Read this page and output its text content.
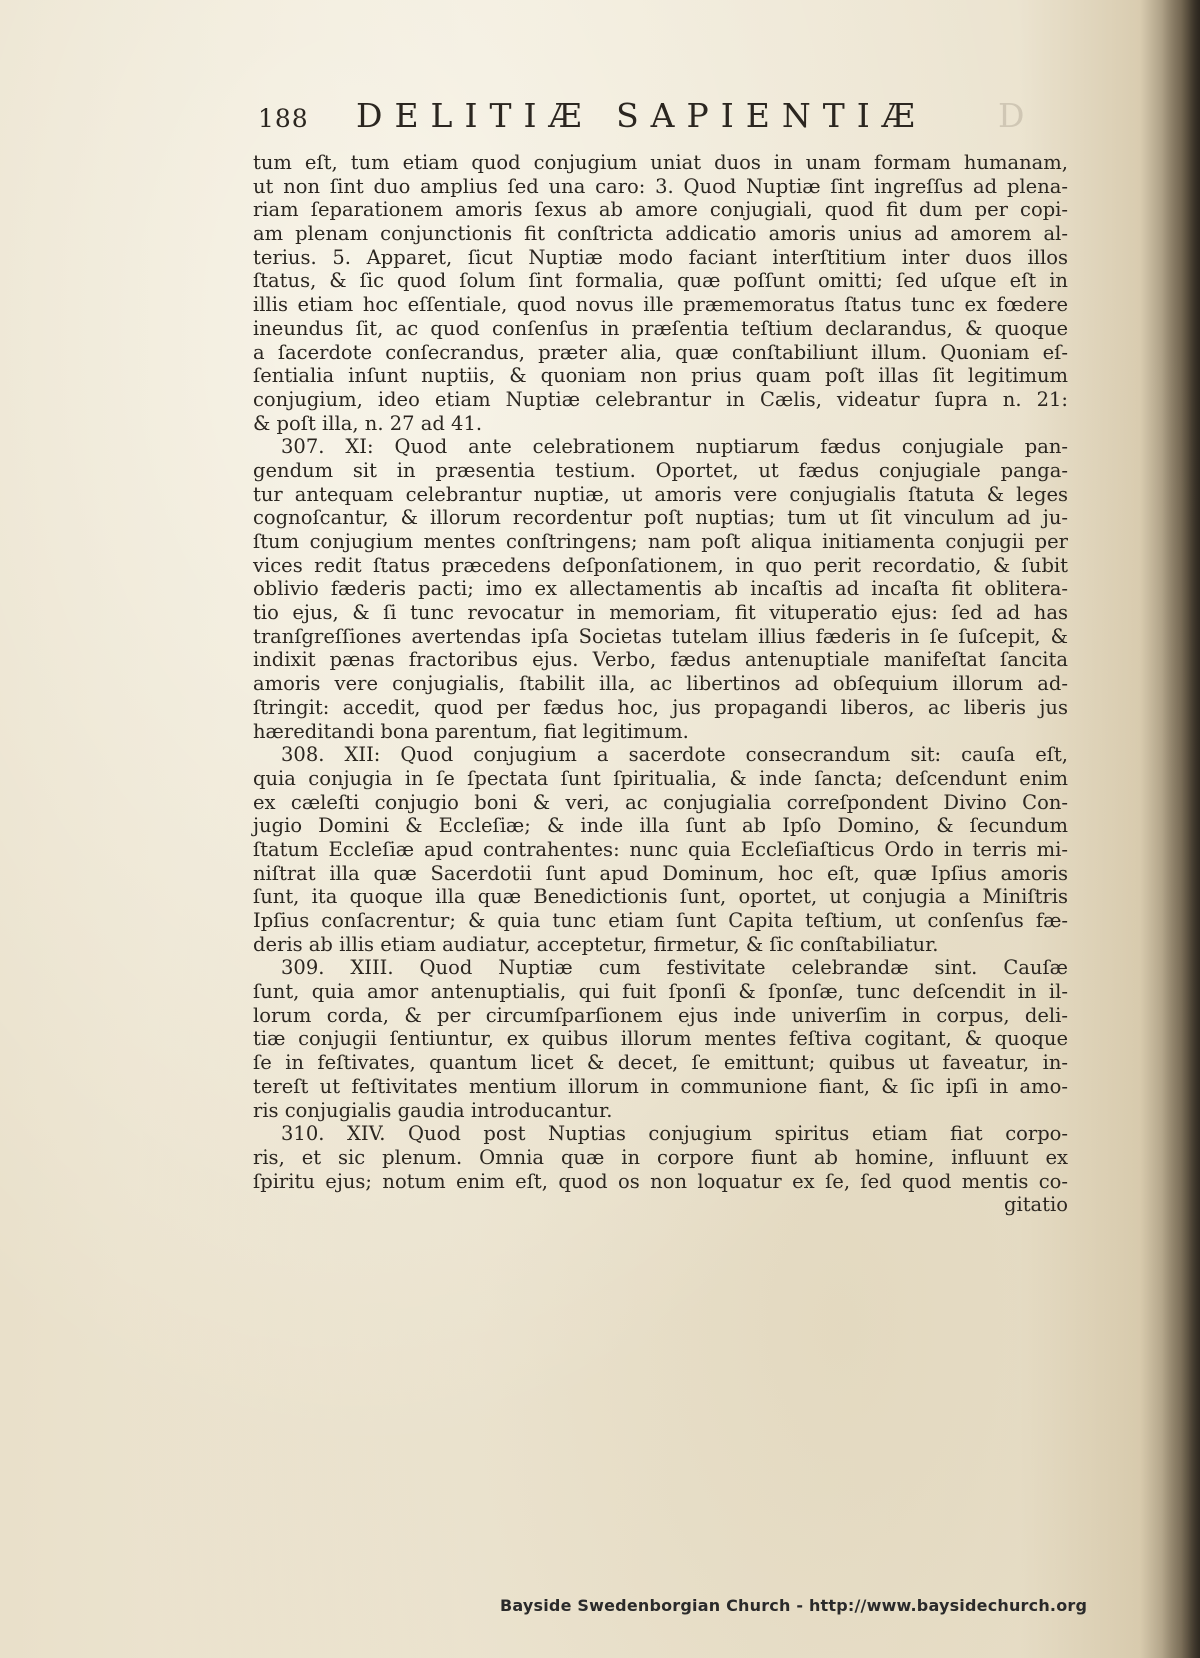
188 DELITIÆ SAPIENTIÆ D
tum eſt, tum etiam quod conjugium uniat duos in unam formam humanam,
ut non ſint duo amplius ſed una caro: 3. Quod Nuptiæ ſint ingreſſus ad plena-
riam ſeparationem amoris ſexus ab amore conjugiali, quod fit dum per copi-
am plenam conjunctionis fit conſtricta addicatio amoris unius ad amorem al-
terius. 5. Apparet, ſicut Nuptiæ modo faciant interſtitium inter duos illos
ſtatus, & ſic quod ſolum ſint formalia, quæ poſſunt omitti; ſed uſque eſt in
illis etiam hoc eſſentiale, quod novus ille præmemoratus ſtatus tunc ex fœdere
ineundus ſit, ac quod conſenſus in præſentia teſtium declarandus, & quoque
a ſacerdote conſecrandus, præter alia, quæ conſtabiliunt illum. Quoniam eſ-
ſentialia inſunt nuptiis, & quoniam non prius quam poſt illas ſit legitimum
conjugium, ideo etiam Nuptiæ celebrantur in Cælis, videatur ſupra n. 21:
& poſt illa, n. 27 ad 41.
307. XI: Quod ante celebrationem nuptiarum fædus conjugiale pan-
gendum sit in præsentia testium. Oportet, ut fædus conjugiale panga-
tur antequam celebrantur nuptiæ, ut amoris vere conjugialis ſtatuta & leges
cognoſcantur, & illorum recordentur poſt nuptias; tum ut ſit vinculum ad ju-
ſtum conjugium mentes conſtringens; nam poſt aliqua initiamenta conjugii per
vices redit ſtatus præcedens deſponſationem, in quo perit recordatio, & ſubit
oblivio fæderis pacti; imo ex allectamentis ab incaſtis ad incaſta fit oblitera-
tio ejus, & ſi tunc revocatur in memoriam, fit vituperatio ejus: ſed ad has
tranſgreſſiones avertendas ipſa Societas tutelam illius fæderis in ſe ſuſcepit, &
indixit pænas fractoribus ejus. Verbo, fædus antenuptiale manifeſtat ſancita
amoris vere conjugialis, ſtabilit illa, ac libertinos ad obſequium illorum ad-
ſtringit: accedit, quod per fædus hoc, jus propagandi liberos, ac liberis jus
hæreditandi bona parentum, fiat legitimum.
308. XII: Quod conjugium a sacerdote consecrandum sit: cauſa eſt,
quia conjugia in ſe ſpectata ſunt ſpiritualia, & inde ſancta; deſcendunt enim
ex cæleſti conjugio boni & veri, ac conjugialia correſpondent Divino Con-
jugio Domini & Eccleſiæ; & inde illa ſunt ab Ipſo Domino, & ſecundum
ſtatum Eccleſiæ apud contrahentes: nunc quia Eccleſiaſticus Ordo in terris mi-
niſtrat illa quæ Sacerdotii ſunt apud Dominum, hoc eſt, quæ Ipſius amoris
ſunt, ita quoque illa quæ Benedictionis ſunt, oportet, ut conjugia a Miniſtris
Ipſius conſacrentur; & quia tunc etiam ſunt Capita teſtium, ut conſenſus fæ-
deris ab illis etiam audiatur, acceptetur, firmetur, & ſic conſtabiliatur.
309. XIII. Quod Nuptiæ cum festivitate celebrandæ sint. Cauſæ
ſunt, quia amor antenuptialis, qui fuit ſponſi & ſponſæ, tunc deſcendit in il-
lorum corda, & per circumſparſionem ejus inde univerſim in corpus, deli-
tiæ conjugii ſentiuntur, ex quibus illorum mentes feſtiva cogitant, & quoque
ſe in feſtivates, quantum licet & decet, ſe emittunt; quibus ut faveatur, in-
tereſt ut feſtivitates mentium illorum in communione fiant, & ſic ipſi in amo-
ris conjugialis gaudia introducantur.
310. XIV. Quod post Nuptias conjugium spiritus etiam fiat corpo-
ris, et sic plenum. Omnia quæ in corpore fiunt ab homine, influunt ex
ſpiritu ejus; notum enim eſt, quod os non loquatur ex ſe, ſed quod mentis co-
gitatio
Bayside Swedenborgian Church - http://www.baysidechurch.org
